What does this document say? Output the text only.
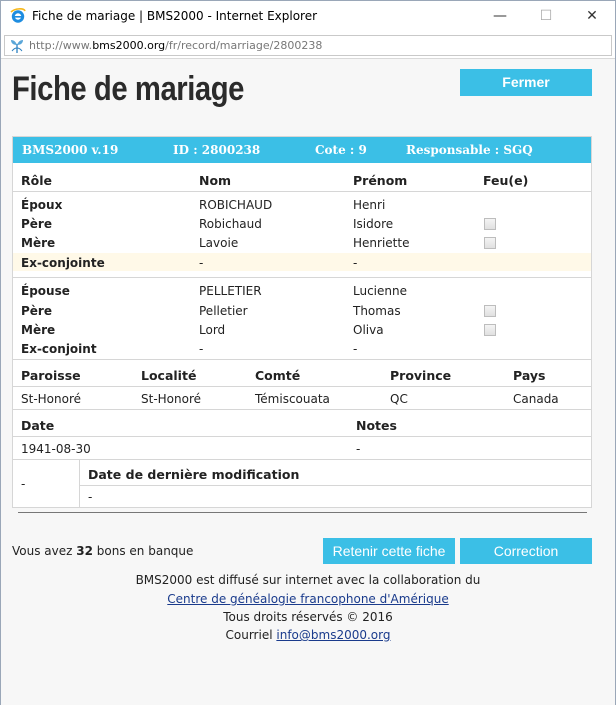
Fiche de mariage | BMS2000 - Internet Explorer	—	☐	✕
http://www.bms2000.org/fr/record/marriage/2800238
Fiche de mariage	Fermer
BMS2000 v.19	ID : 2800238	Cote : 9	Responsable : SGQ
Rôle	Nom	Prénom	Feu(e)
Époux	ROBICHAUD	Henri
Père	Robichaud	Isidore
Mère	Lavoie	Henriette
Ex-conjointe	-	-
Épouse	PELLETIER	Lucienne
Père	Pelletier	Thomas
Mère	Lord	Oliva
Ex-conjoint	-	-
Paroisse	Localité	Comté	Province	Pays
St-Honoré	St-Honoré	Témiscouata	QC	Canada
Date	Notes
1941-08-30	-
-
Date de dernière modification
-
Vous avez 32 bons en banque	Retenir cette fiche	Correction
BMS2000 est diffusé sur internet avec la collaboration du
Centre de généalogie francophone d'Amérique
Tous droits réservés © 2016
Courriel info@bms2000.org
